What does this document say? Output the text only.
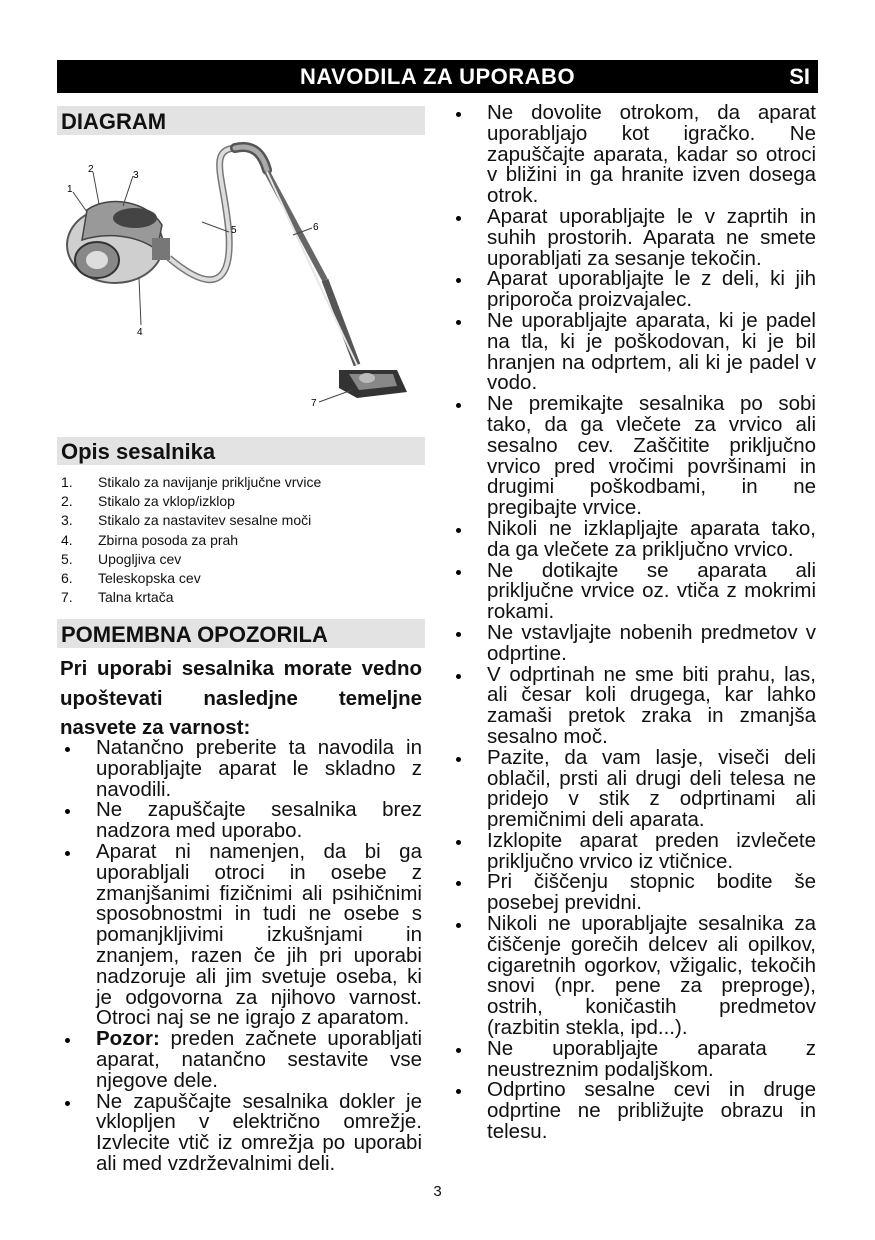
NAVODILA ZA UPORABO	SI
DIAGRAM
1
2
3
4
5	6
7
Opis sesalnika
1. Stikalo za navijanje priključne vrvice
2. Stikalo za vklop/izklop
3. Stikalo za nastavitev sesalne moči
4. Zbirna posoda za prah
5. Upogljiva cev
6. Teleskopska cev
7. Talna krtača
POMEMBNA OPOZORILA
Pri uporabi sesalnika morate vedno
upoštevati nasledjne temeljne
nasvete za varnost:
Natančno preberite ta navodila in uporabljajte aparat le skladno z navodili.
Ne zapuščajte sesalnika brez nadzora med uporabo.
Aparat ni namenjen, da bi ga uporabljali otroci in osebe z zmanjšanimi fizičnimi ali psihičnimi sposobnostmi in tudi ne osebe s pomanjkljivimi izkušnjami in znanjem, razen če jih pri uporabi nadzoruje ali jim svetuje oseba, ki je odgovorna za njihovo varnost. Otroci naj se ne igrajo z aparatom.
Pozor: preden začnete uporabljati aparat, natančno sestavite vse njegove dele.
Ne zapuščajte sesalnika dokler je vklopljen v električno omrežje. Izvlecite vtič iz omrežja po uporabi ali med vzdrževalnimi deli.
Ne dovolite otrokom, da aparat uporabljajo kot igračko. Ne zapuščajte aparata, kadar so otroci v bližini in ga hranite izven dosega otrok.
Aparat uporabljajte le v zaprtih in suhih prostorih. Aparata ne smete uporabljati za sesanje tekočin.
Aparat uporabljajte le z deli, ki jih priporoča proizvajalec.
Ne uporabljajte aparata, ki je padel na tla, ki je poškodovan, ki je bil hranjen na odprtem, ali ki je padel v vodo.
Ne premikajte sesalnika po sobi tako, da ga vlečete za vrvico ali sesalno cev. Zaščitite priključno vrvico pred vročimi površinami in drugimi poškodbami, in ne pregibajte vrvice.
Nikoli ne izklapljajte aparata tako, da ga vlečete za priključno vrvico.
Ne dotikajte se aparata ali priključne vrvice oz. vtiča z mokrimi rokami.
Ne vstavljajte nobenih predmetov v odprtine.
V odprtinah ne sme biti prahu, las, ali česar koli drugega, kar lahko zamaši pretok zraka in zmanjša sesalno moč.
Pazite, da vam lasje, viseči deli oblačil, prsti ali drugi deli telesa ne pridejo v stik z odprtinami ali premičnimi deli aparata.
Izklopite aparat preden izvlečete priključno vrvico iz vtičnice.
Pri čiščenju stopnic bodite še posebej previdni.
Nikoli ne uporabljajte sesalnika za čiščenje gorečih delcev ali opilkov, cigaretnih ogorkov, vžigalic, tekočih snovi (npr. pene za preproge), ostrih, koničastih predmetov (razbitin stekla, ipd...).
Ne uporabljajte aparata z neustreznim podaljškom.
Odprtino sesalne cevi in druge odprtine ne približujte obrazu in telesu.
3
